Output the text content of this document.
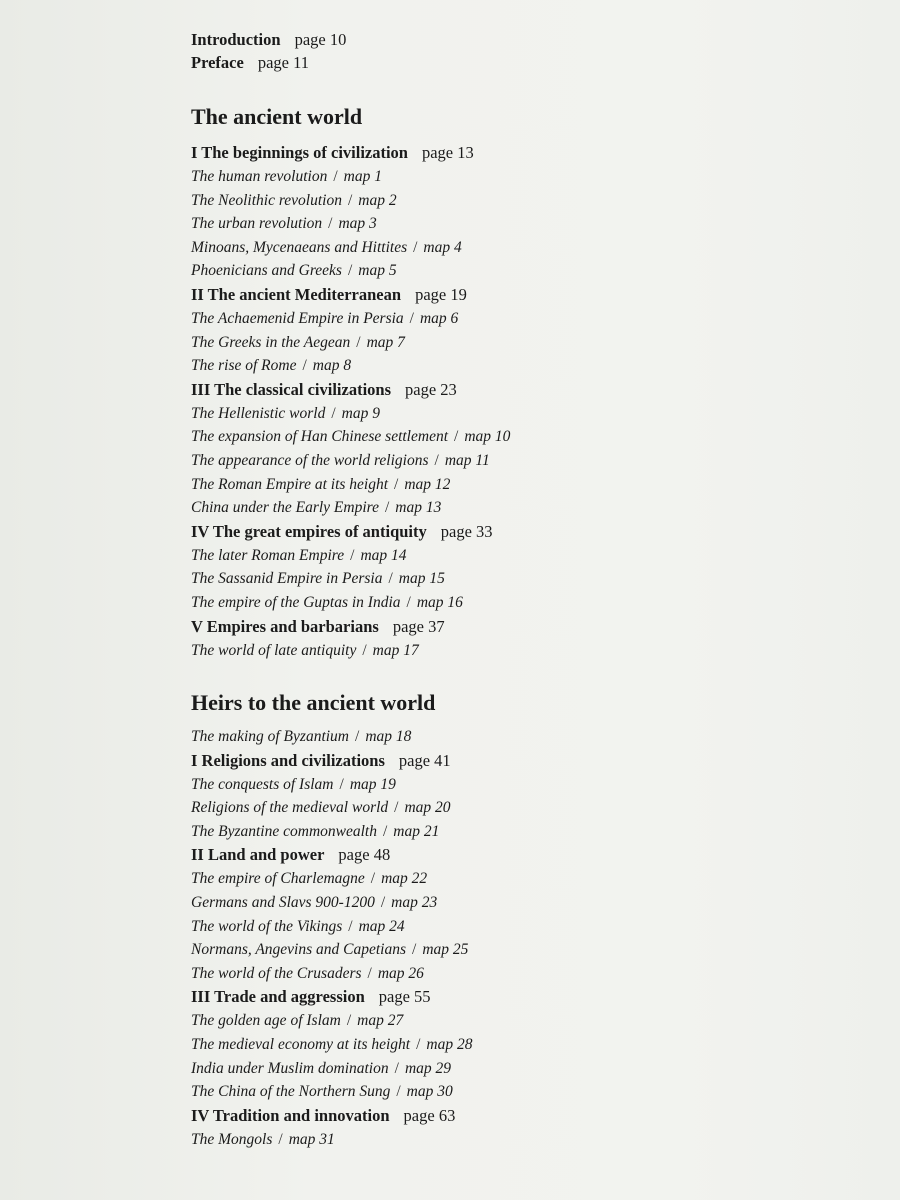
Introduction page 10
Preface page 11
The ancient world
I The beginnings of civilization page 13
The human revolution / map 1
The Neolithic revolution / map 2
The urban revolution / map 3
Minoans, Mycenaeans and Hittites / map 4
Phoenicians and Greeks / map 5
II The ancient Mediterranean page 19
The Achaemenid Empire in Persia / map 6
The Greeks in the Aegean / map 7
The rise of Rome / map 8
III The classical civilizations page 23
The Hellenistic world / map 9
The expansion of Han Chinese settlement / map 10
The appearance of the world religions / map 11
The Roman Empire at its height / map 12
China under the Early Empire / map 13
IV The great empires of antiquity page 33
The later Roman Empire / map 14
The Sassanid Empire in Persia / map 15
The empire of the Guptas in India / map 16
V Empires and barbarians page 37
The world of late antiquity / map 17
Heirs to the ancient world
The making of Byzantium / map 18
I Religions and civilizations page 41
The conquests of Islam / map 19
Religions of the medieval world / map 20
The Byzantine commonwealth / map 21
II Land and power page 48
The empire of Charlemagne / map 22
Germans and Slavs 900-1200 / map 23
The world of the Vikings / map 24
Normans, Angevins and Capetians / map 25
The world of the Crusaders / map 26
III Trade and aggression page 55
The golden age of Islam / map 27
The medieval economy at its height / map 28
India under Muslim domination / map 29
The China of the Northern Sung / map 30
IV Tradition and innovation page 63
The Mongols / map 31
